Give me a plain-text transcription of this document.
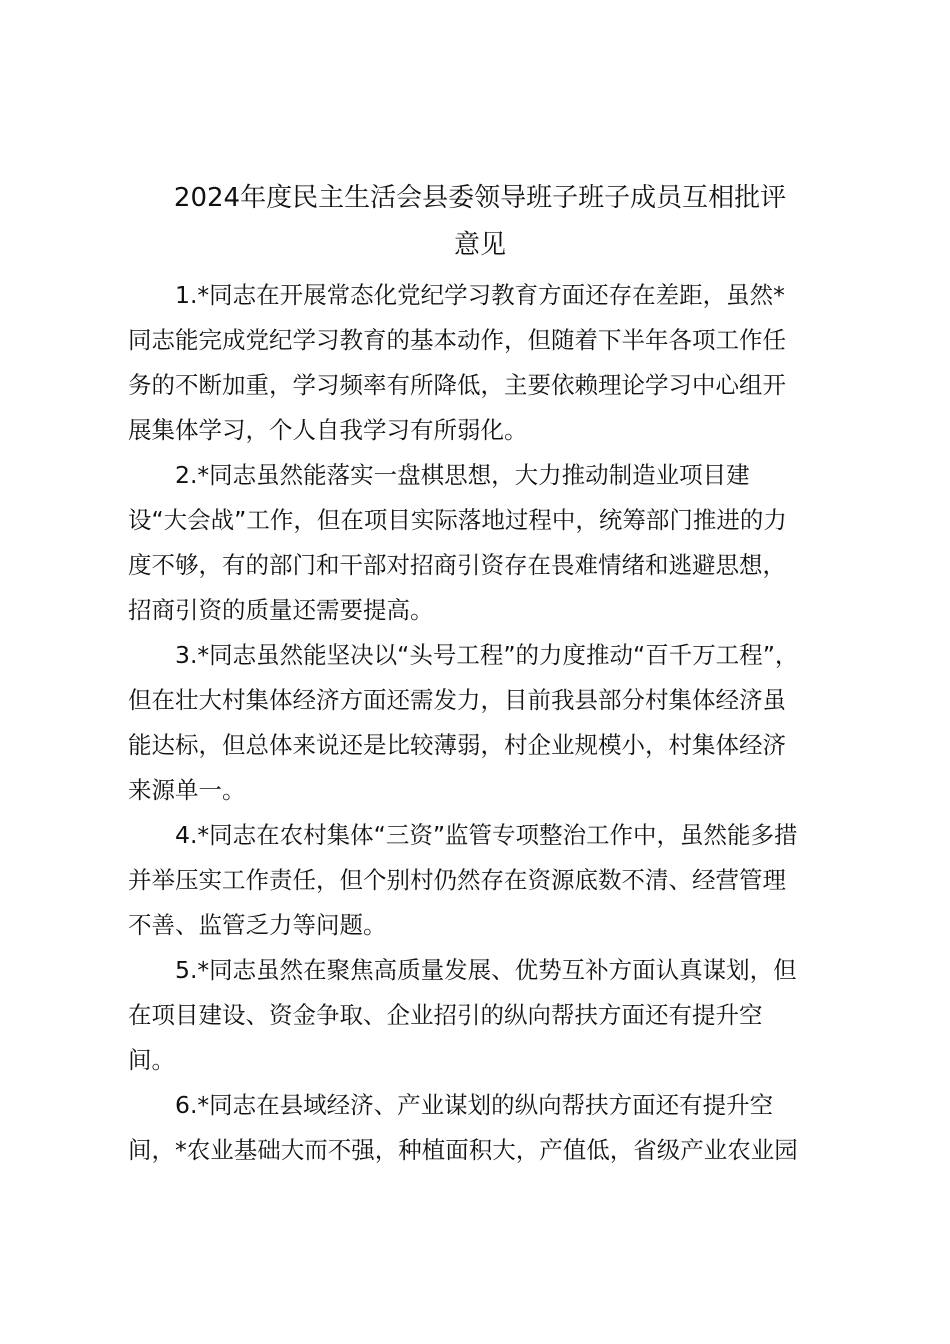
2024年度民主生活会县委领导班子班子成员互相批评
意见

1.*同志在开展常态化党纪学习教育方面还存在差距，虽然*
同志能完成党纪学习教育的基本动作，但随着下半年各项工作任
务的不断加重，学习频率有所降低，主要依赖理论学习中心组开
展集体学习，个人自我学习有所弱化。

2.*同志虽然能落实一盘棋思想，大力推动制造业项目建
设“大会战”工作，但在项目实际落地过程中，统筹部门推进的力
度不够，有的部门和干部对招商引资存在畏难情绪和逃避思想，
招商引资的质量还需要提高。

3.*同志虽然能坚决以“头号工程”的力度推动“百千万工程”，
但在壮大村集体经济方面还需发力，目前我县部分村集体经济虽
能达标，但总体来说还是比较薄弱，村企业规模小，村集体经济
来源单一。

4.*同志在农村集体“三资”监管专项整治工作中，虽然能多措
并举压实工作责任，但个别村仍然存在资源底数不清、经营管理
不善、监管乏力等问题。

5.*同志虽然在聚焦高质量发展、优势互补方面认真谋划，但
在项目建设、资金争取、企业招引的纵向帮扶方面还有提升空
间。

6.*同志在县域经济、产业谋划的纵向帮扶方面还有提升空
间，*农业基础大而不强，种植面积大，产值低，省级产业农业园
